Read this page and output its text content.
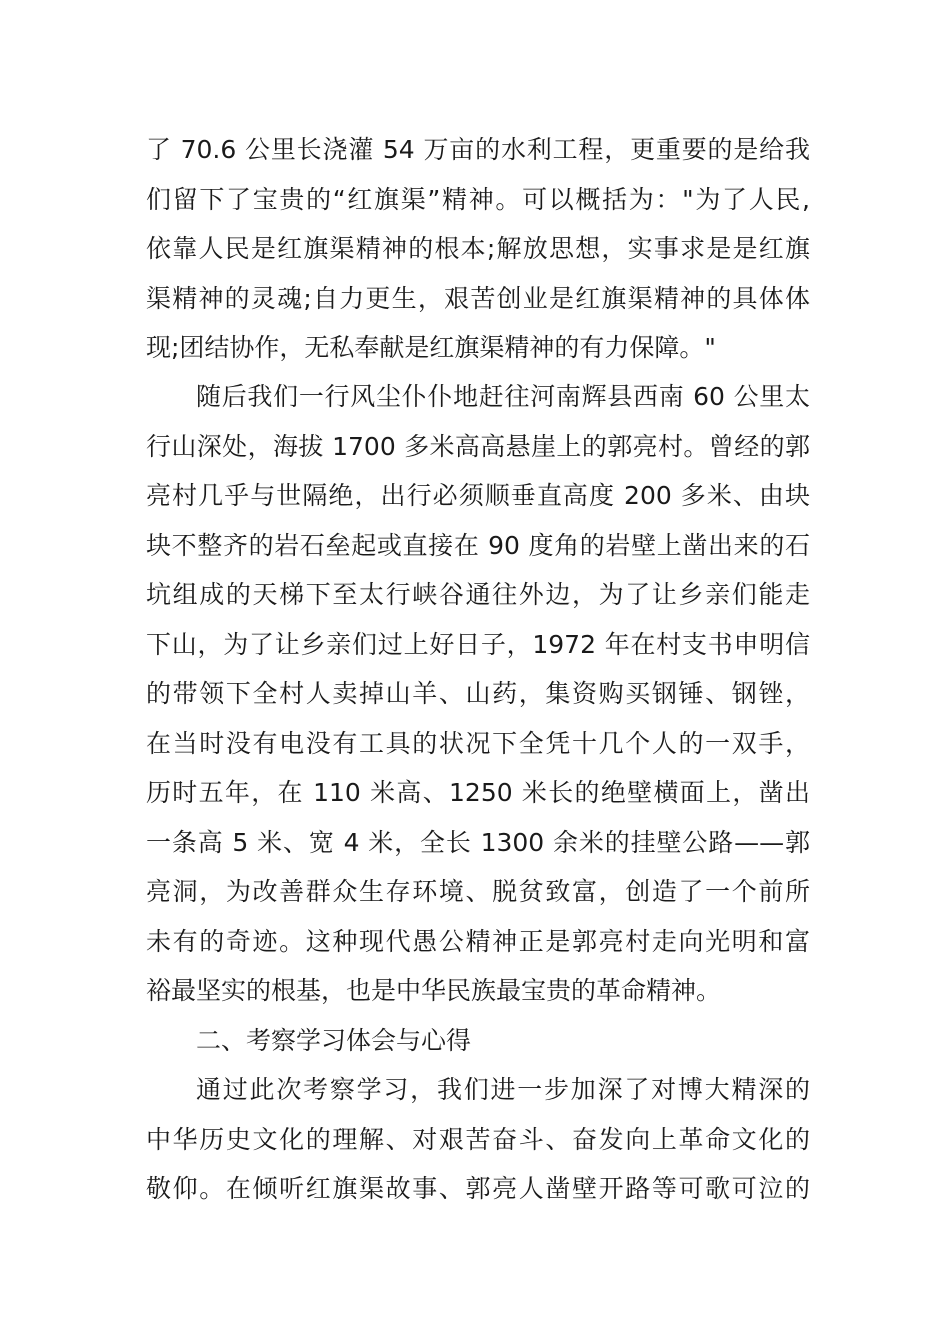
了 70.6 公里长浇灌 54 万亩的水利工程，更重要的是给我
们留下了宝贵的“红旗渠”精神。可以概括为："为了人民,
依靠人民是红旗渠精神的根本;解放思想，实事求是是红旗
渠精神的灵魂;自力更生，艰苦创业是红旗渠精神的具体体
现;团结协作，无私奉献是红旗渠精神的有力保障。"
随后我们一行风尘仆仆地赶往河南辉县西南 60 公里太
行山深处，海拔 1700 多米高高悬崖上的郭亮村。曾经的郭
亮村几乎与世隔绝，出行必须顺垂直高度 200 多米、由块
块不整齐的岩石垒起或直接在 90 度角的岩壁上凿出来的石
坑组成的天梯下至太行峡谷通往外边，为了让乡亲们能走
下山，为了让乡亲们过上好日子，1972 年在村支书申明信
的带领下全村人卖掉山羊、山药，集资购买钢锤、钢锉，
在当时没有电没有工具的状况下全凭十几个人的一双手，
历时五年，在 110 米高、1250 米长的绝壁横面上，凿出
一条高 5 米、宽 4 米，全长 1300 余米的挂壁公路——郭
亮洞，为改善群众生存环境、脱贫致富，创造了一个前所
未有的奇迹。这种现代愚公精神正是郭亮村走向光明和富
裕最坚实的根基，也是中华民族最宝贵的革命精神。
二、考察学习体会与心得
通过此次考察学习，我们进一步加深了对博大精深的
中华历史文化的理解、对艰苦奋斗、奋发向上革命文化的
敬仰。在倾听红旗渠故事、郭亮人凿壁开路等可歌可泣的
